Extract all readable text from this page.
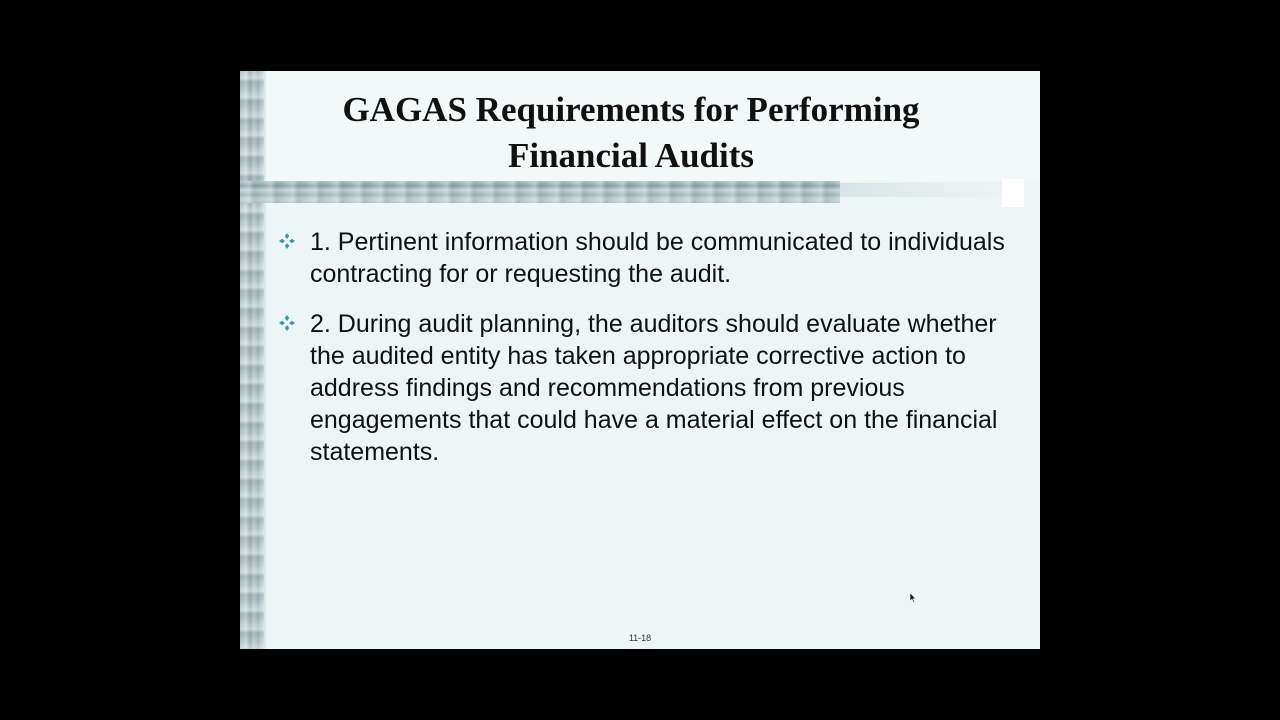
GAGAS Requirements for Performing
Financial Audits
1. Pertinent information should be communicated to individuals contracting for or requesting the audit.
2. During audit planning, the auditors should evaluate whether the audited entity has taken appropriate corrective action to address findings and recommendations from previous engagements that could have a material effect on the financial statements.
11-18
